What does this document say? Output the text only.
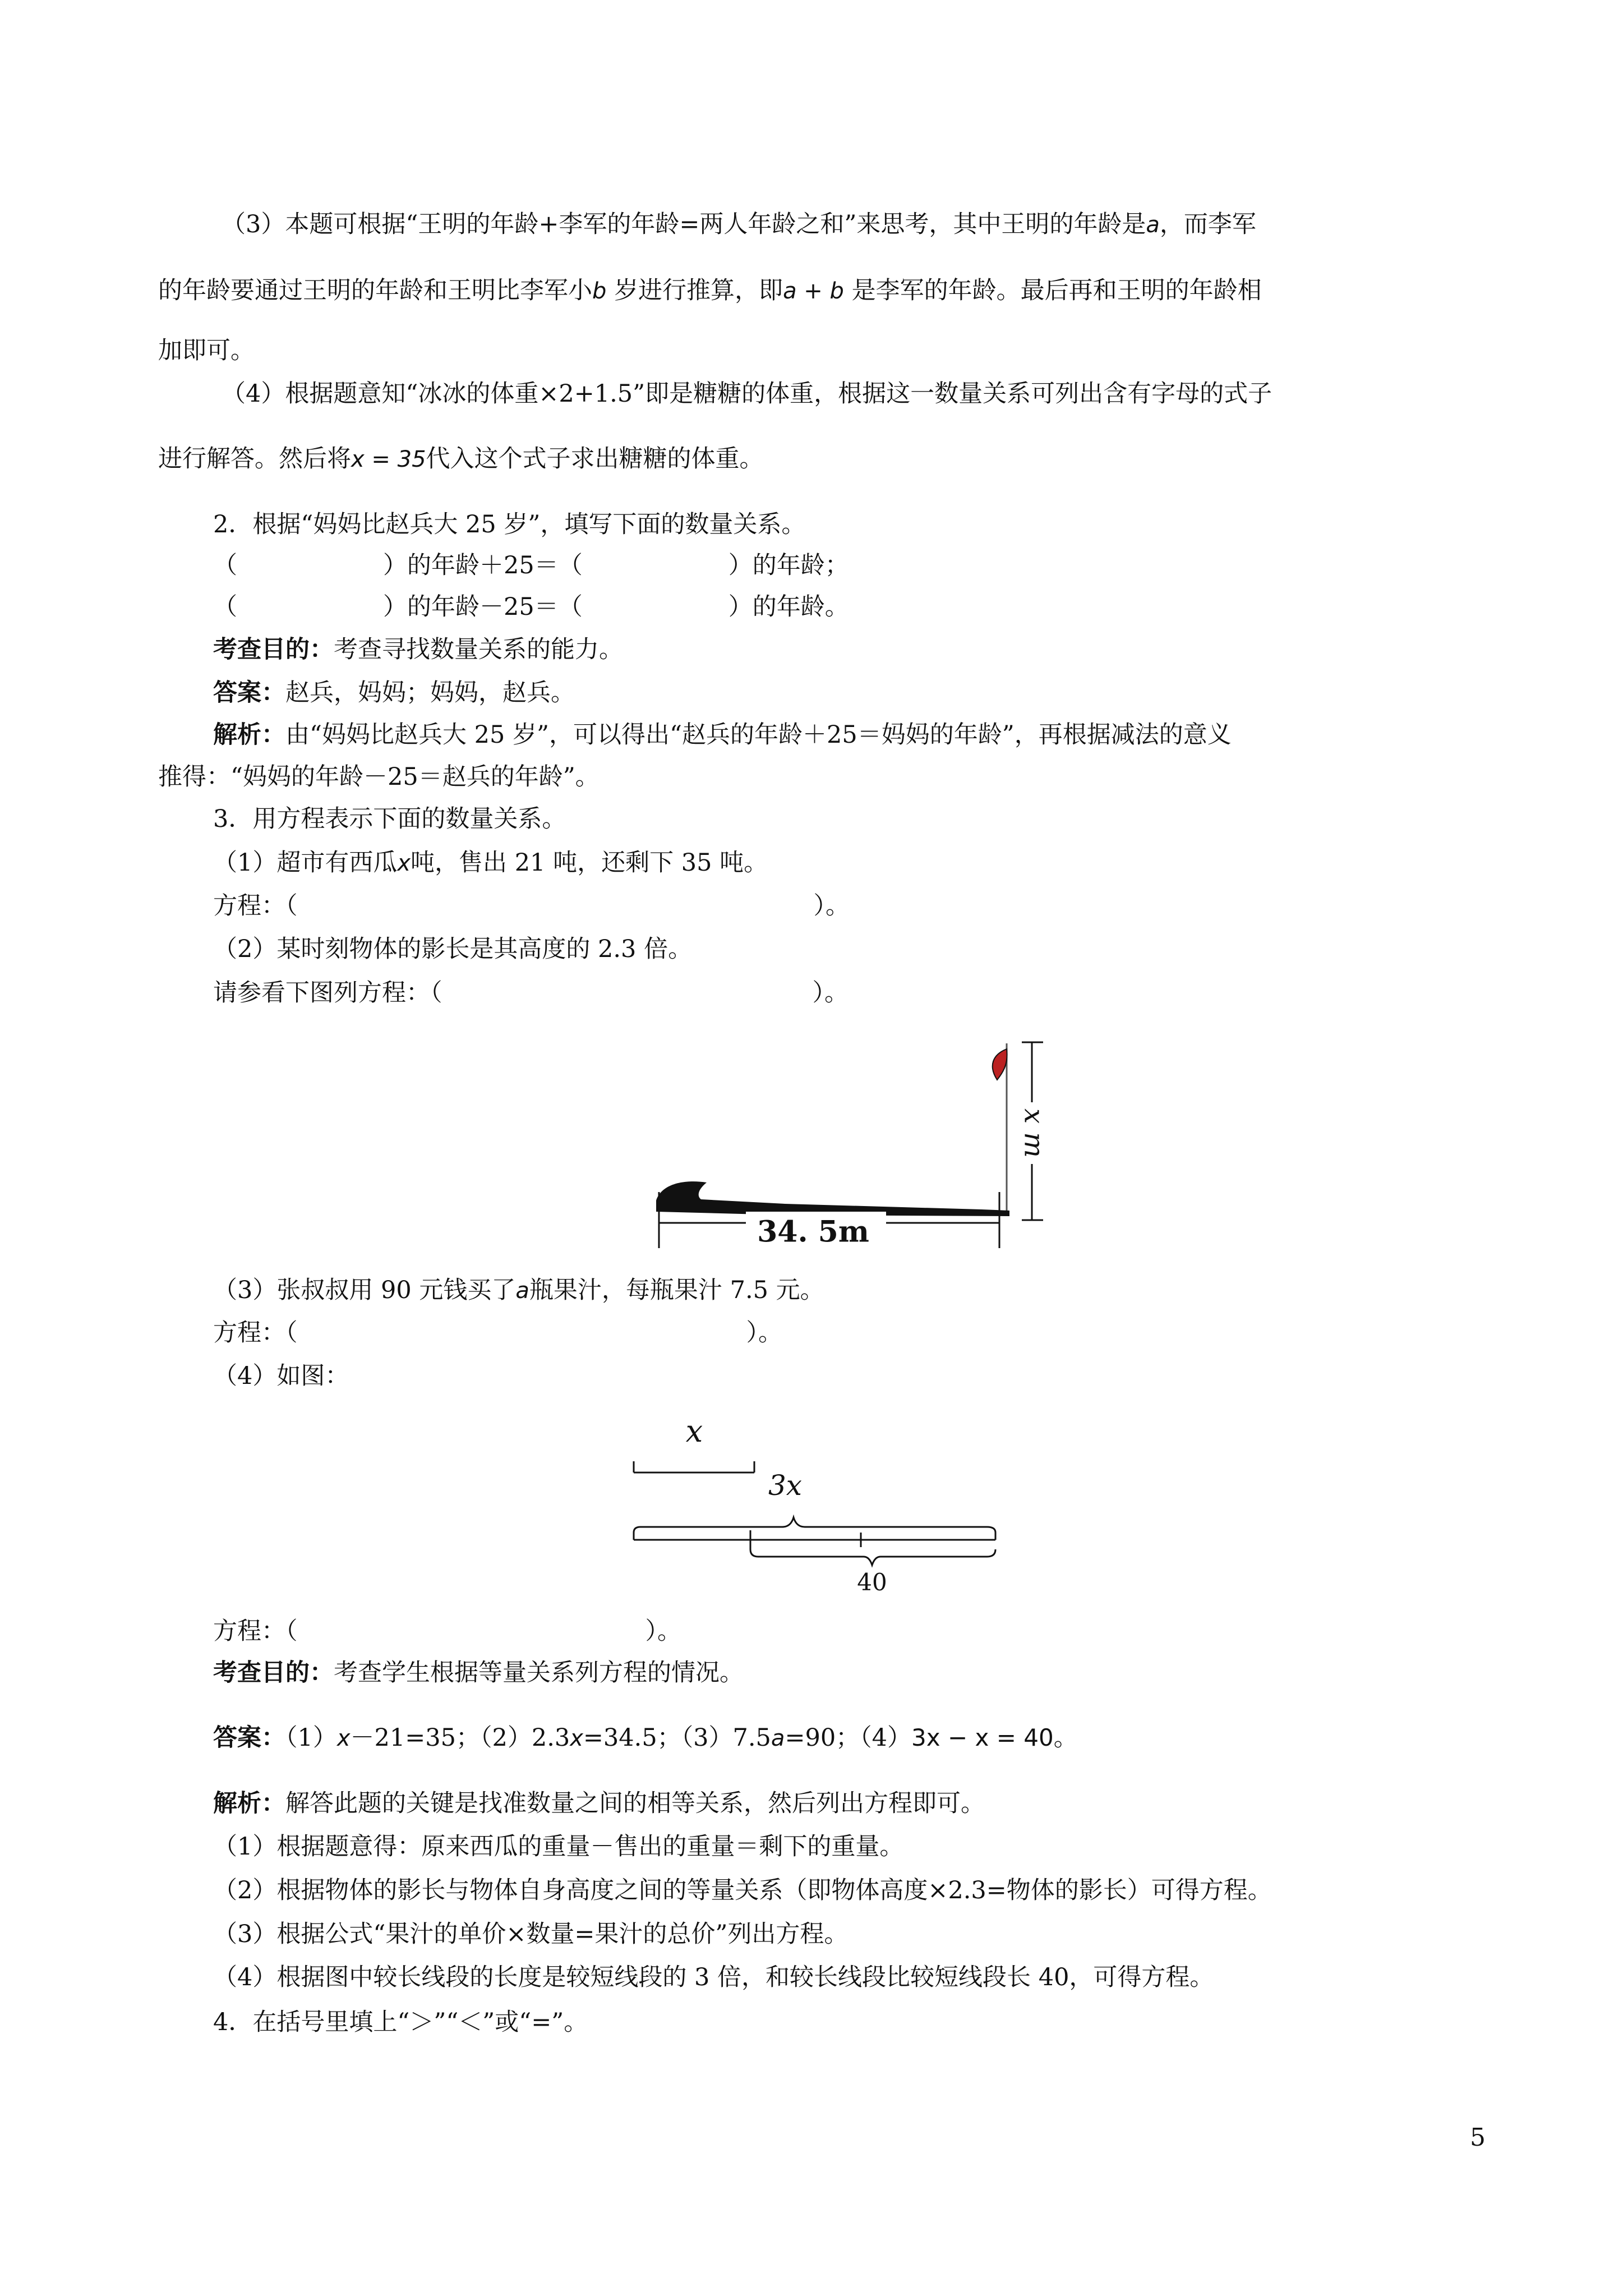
（3）本题可根据“王明的年龄+李军的年龄=两人年龄之和”来思考，其中王明的年龄是a，而李军
的年龄要通过王明的年龄和王明比李军小b 岁进行推算，即a + b 是李军的年龄。最后再和王明的年龄相
加即可。
（4）根据题意知“冰冰的体重×2+1.5”即是糖糖的体重，根据这一数量关系可列出含有字母的式子
进行解答。然后将x = 35代入这个式子求出糖糖的体重。
2．根据“妈妈比赵兵大 25 岁”，填写下面的数量关系。
（	）的年龄＋25＝（	）的年龄；
（	）的年龄－25＝（	）的年龄。
考查目的：考查寻找数量关系的能力。
答案：赵兵，妈妈；妈妈，赵兵。
解析：由“妈妈比赵兵大 25 岁”，可以得出“赵兵的年龄＋25＝妈妈的年龄”，再根据减法的意义
推得：“妈妈的年龄－25＝赵兵的年龄”。
3．用方程表示下面的数量关系。
（1）超市有西瓜x吨，售出 21 吨，还剩下 35 吨。
方程：（	）。
（2）某时刻物体的影长是其高度的 2.3 倍。
请参看下图列方程：（	）。
x m
34. 5m
（3）张叔叔用 90 元钱买了a瓶果汁，每瓶果汁 7.5 元。
方程：（	）。
（4）如图：
x
3x
40
方程：（	）。
考查目的：考查学生根据等量关系列方程的情况。
答案：（1）x－21=35；（2）2.3x=34.5；（3）7.5a=90；（4）3x − x = 40。
解析：解答此题的关键是找准数量之间的相等关系，然后列出方程即可。
（1）根据题意得：原来西瓜的重量－售出的重量＝剩下的重量。
（2）根据物体的影长与物体自身高度之间的等量关系（即物体高度×2.3=物体的影长）可得方程。
（3）根据公式“果汁的单价×数量=果汁的总价”列出方程。
（4）根据图中较长线段的长度是较短线段的 3 倍，和较长线段比较短线段长 40，可得方程。
4．在括号里填上“＞”“＜”或“=”。
5
